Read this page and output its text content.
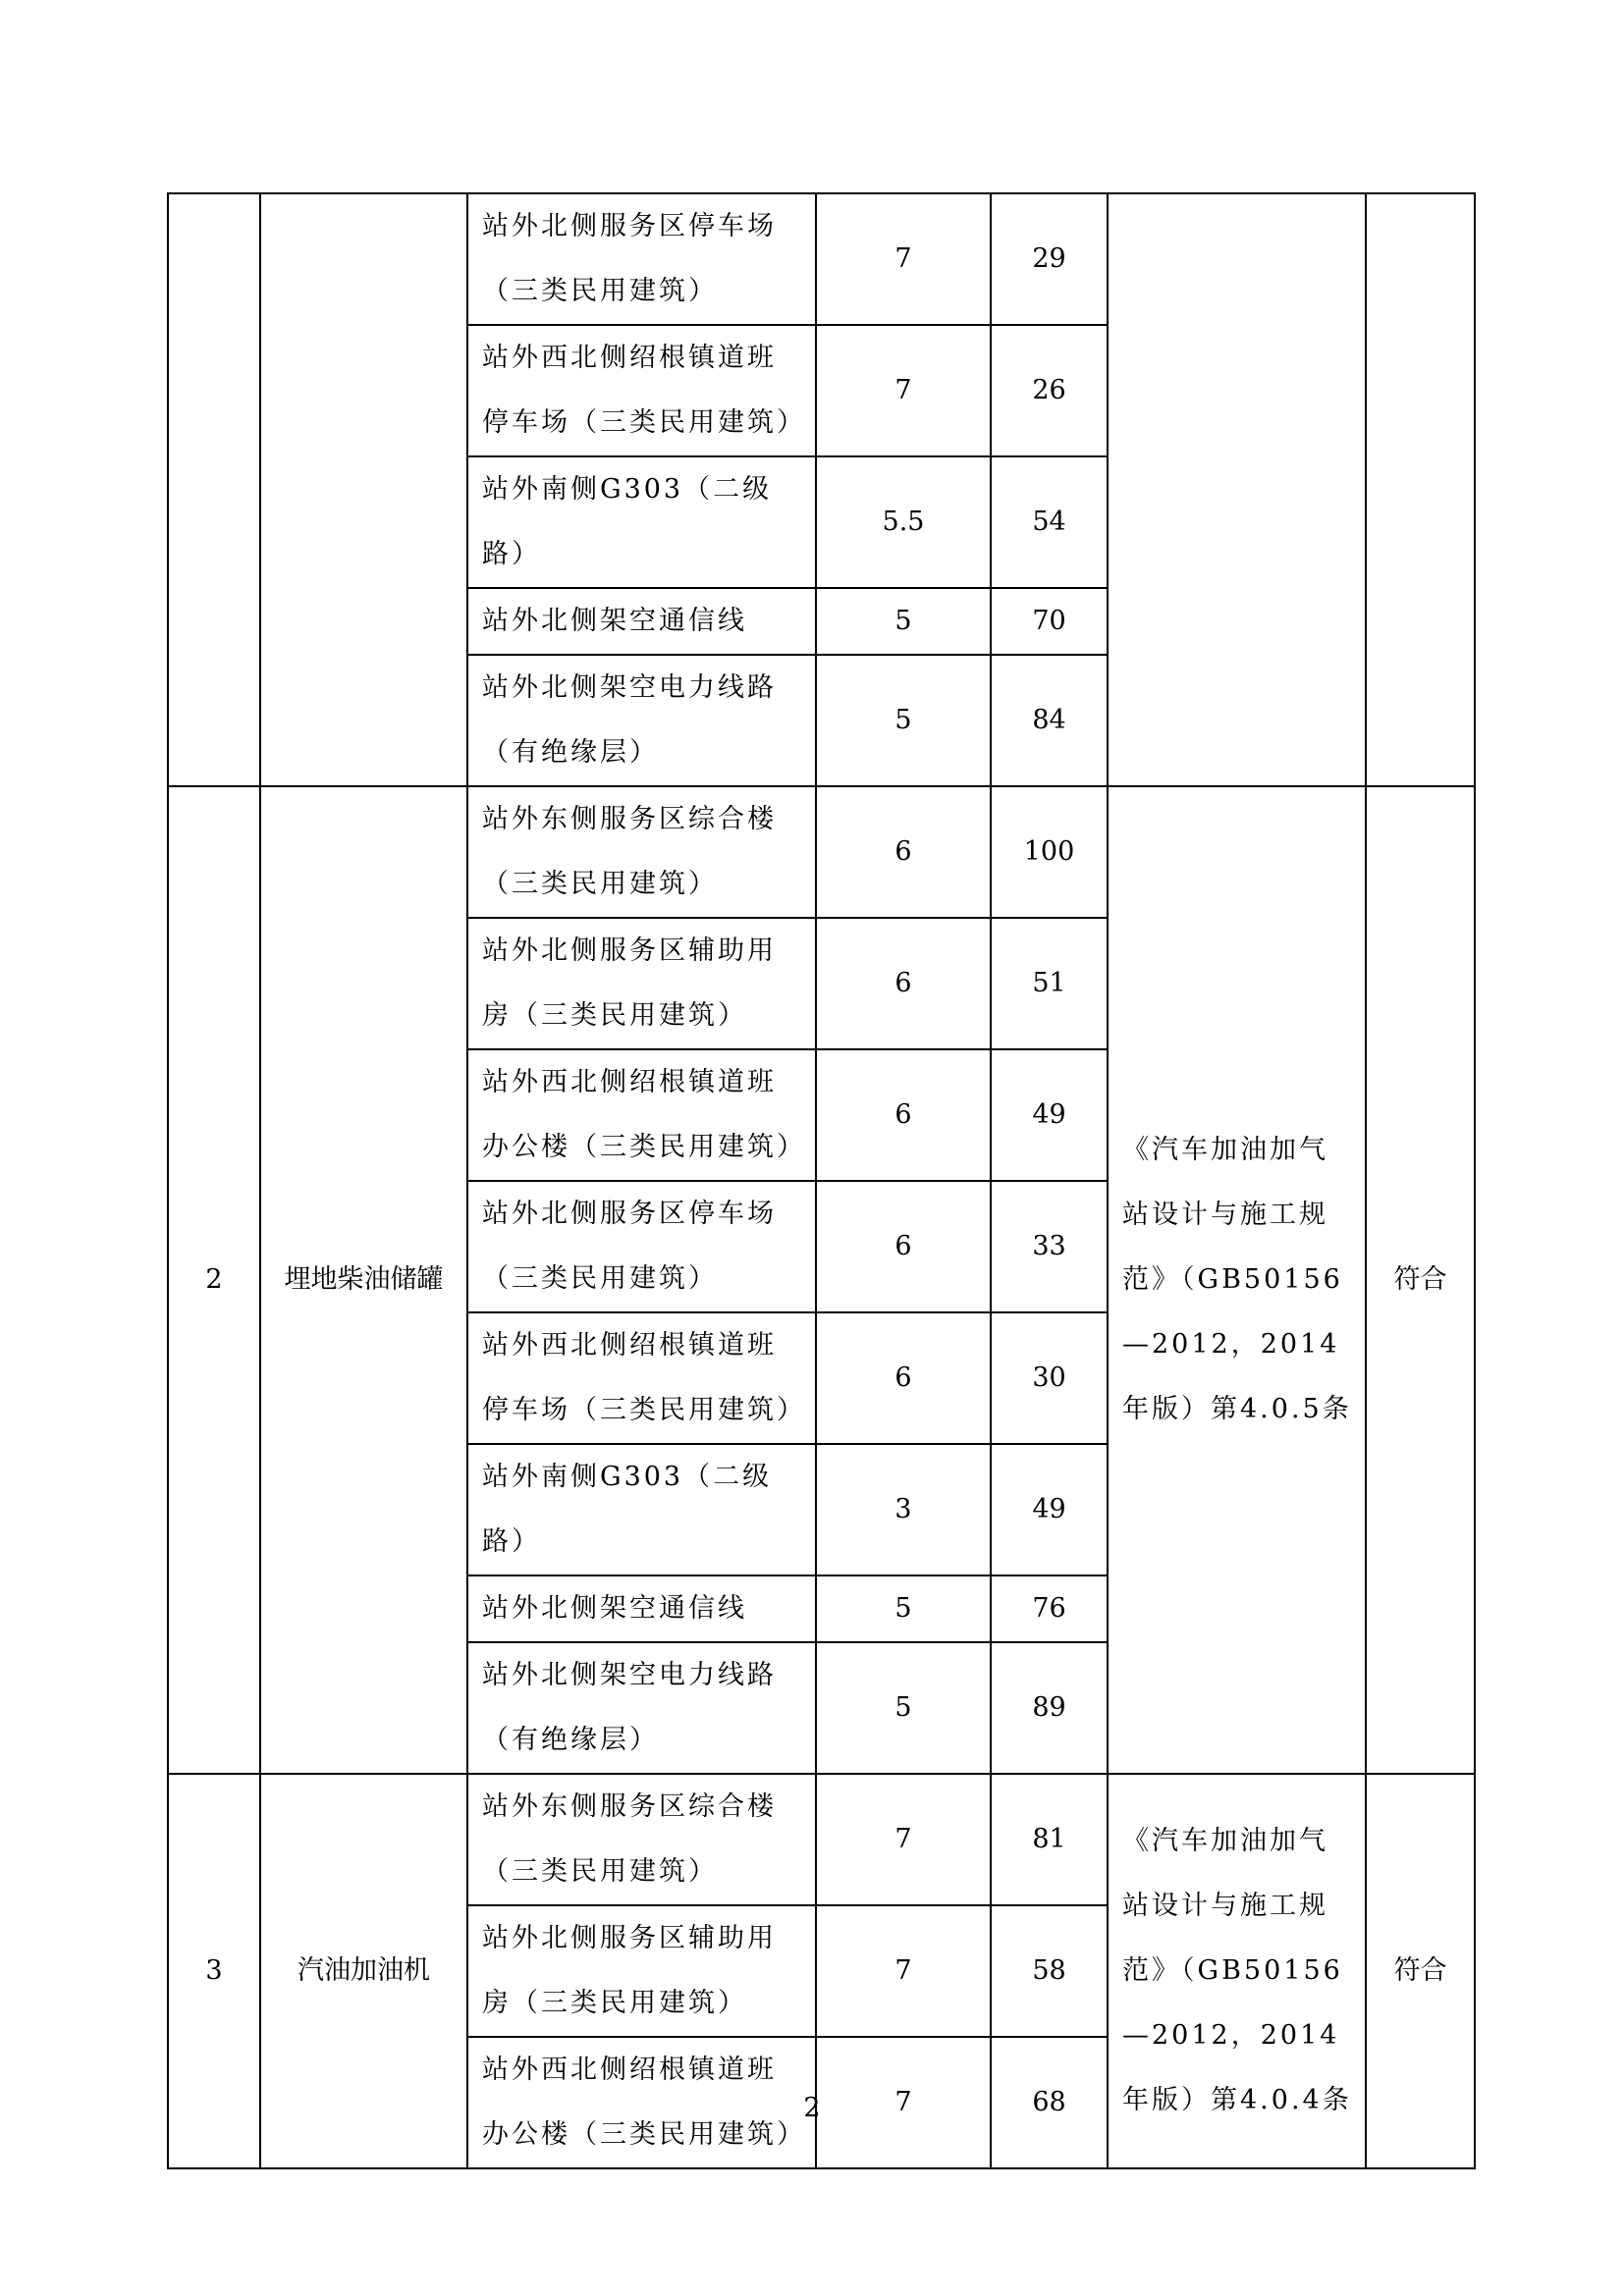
		站外北侧服务区停车场（三类民用建筑）	7	29		
		站外西北侧绍根镇道班停车场（三类民用建筑）	7	26		
		站外南侧G303（二级路）	5.5	54		
		站外北侧架空通信线	5	70		
		站外北侧架空电力线路（有绝缘层）	5	84		
2	埋地柴油储罐	站外东侧服务区综合楼（三类民用建筑）	6	100	《汽车加油加气站设计与施工规范》（GB50156—2012，2014年版）第4.0.5条	符合
		站外北侧服务区辅助用房（三类民用建筑）	6	51		
		站外西北侧绍根镇道班办公楼（三类民用建筑）	6	49		
		站外北侧服务区停车场（三类民用建筑）	6	33		
		站外西北侧绍根镇道班停车场（三类民用建筑）	6	30		
		站外南侧G303（二级路）	3	49		
		站外北侧架空通信线	5	76		
		站外北侧架空电力线路（有绝缘层）	5	89		
3	汽油加油机	站外东侧服务区综合楼（三类民用建筑）	7	81	《汽车加油加气站设计与施工规范》（GB50156—2012，2014年版）第4.0.4条	符合
		站外北侧服务区辅助用房（三类民用建筑）	7	58		
		站外西北侧绍根镇道班办公楼（三类民用建筑）	7	68		
2
